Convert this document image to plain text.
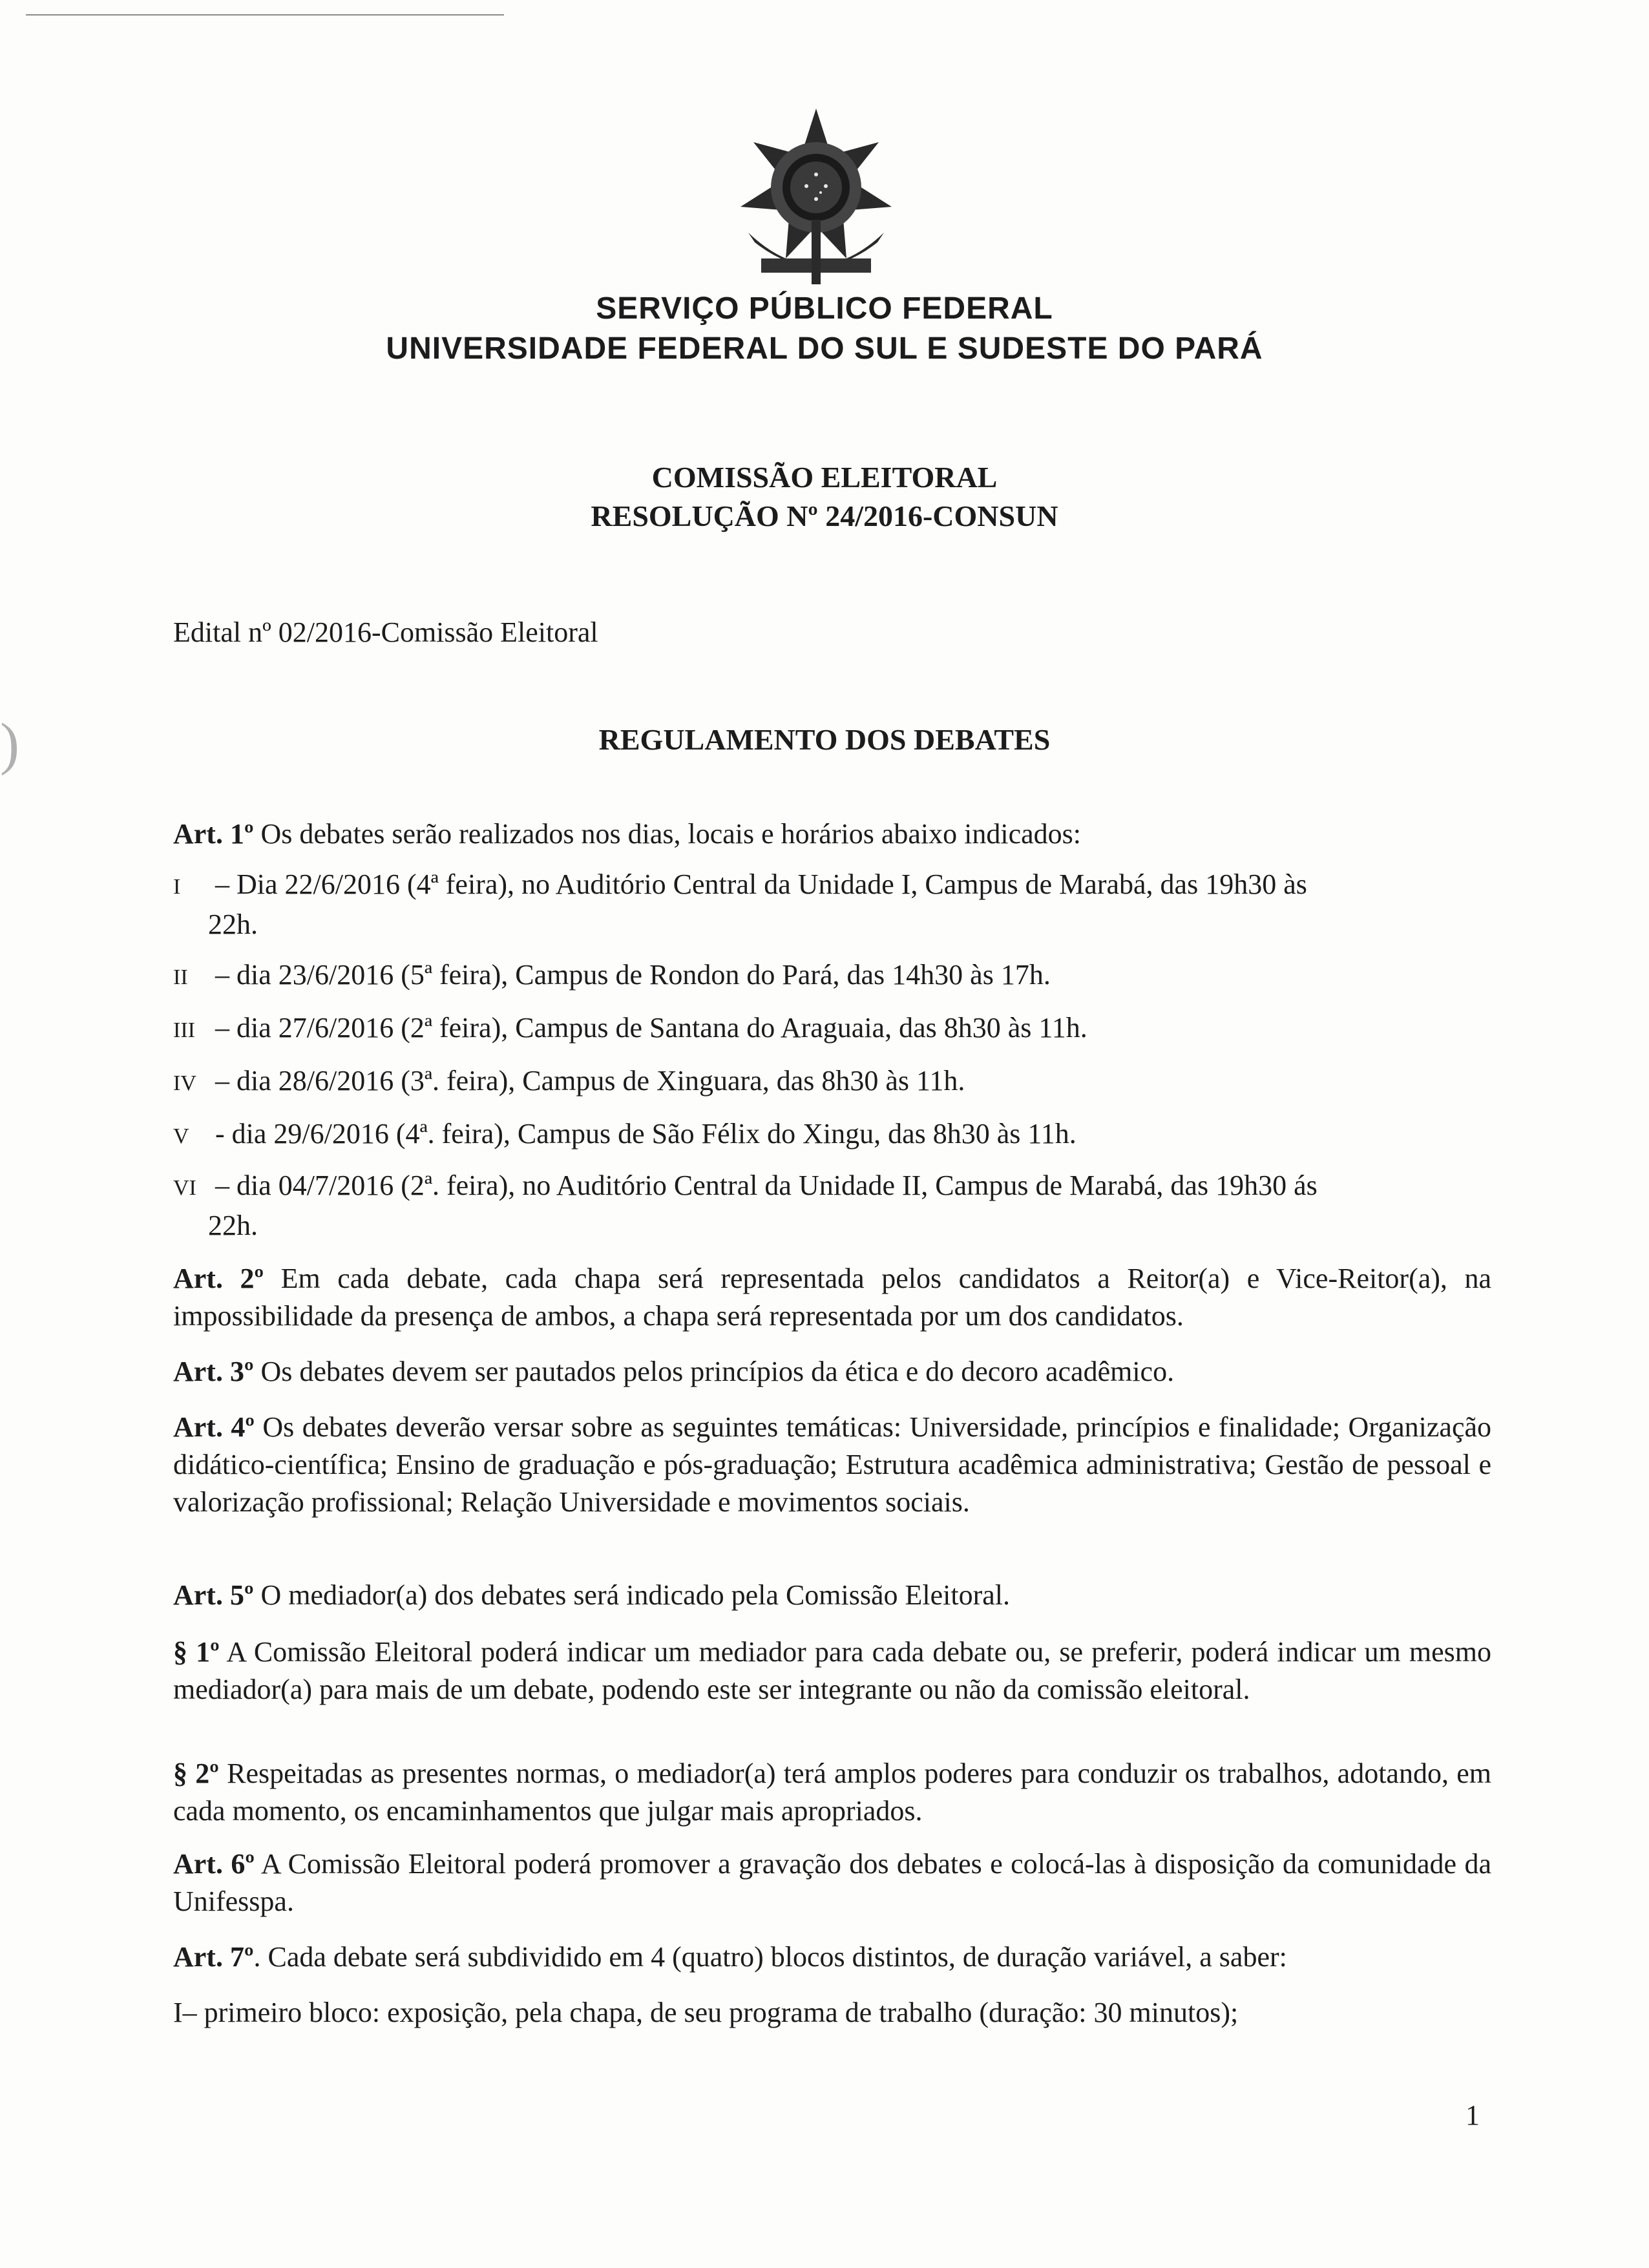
)
SERVIÇO PÚBLICO FEDERAL
UNIVERSIDADE FEDERAL DO SUL E SUDESTE DO PARÁ
COMISSÃO ELEITORAL
RESOLUÇÃO Nº 24/2016-CONSUN
Edital nº 02/2016-Comissão Eleitoral
REGULAMENTO DOS DEBATES
Art. 1º Os debates serão realizados nos dias, locais e horários abaixo indicados:
I – Dia 22/6/2016 (4ª feira), no Auditório Central da Unidade I, Campus de Marabá, das 19h30 às
22h.
II – dia 23/6/2016 (5ª feira), Campus de Rondon do Pará, das 14h30 às 17h.
III – dia 27/6/2016 (2ª feira), Campus de Santana do Araguaia, das 8h30 às 11h.
IV – dia 28/6/2016 (3ª. feira), Campus de Xinguara, das 8h30 às 11h.
V - dia 29/6/2016 (4ª. feira), Campus de São Félix do Xingu, das 8h30 às 11h.
VI – dia 04/7/2016 (2ª. feira), no Auditório Central da Unidade II, Campus de Marabá, das 19h30 ás
22h.
Art. 2º Em cada debate, cada chapa será representada pelos candidatos a Reitor(a) e Vice-Reitor(a), na impossibilidade da presença de ambos, a chapa será representada por um dos candidatos.
Art. 3º Os debates devem ser pautados pelos princípios da ética e do decoro acadêmico.
Art. 4º Os debates deverão versar sobre as seguintes temáticas: Universidade, princípios e finalidade; Organização didático-científica; Ensino de graduação e pós-graduação; Estrutura acadêmica administrativa; Gestão de pessoal e valorização profissional; Relação Universidade e movimentos sociais.
Art. 5º O mediador(a) dos debates será indicado pela Comissão Eleitoral.
§ 1º A Comissão Eleitoral poderá indicar um mediador para cada debate ou, se preferir, poderá indicar um mesmo mediador(a) para mais de um debate, podendo este ser integrante ou não da comissão eleitoral.
§ 2º Respeitadas as presentes normas, o mediador(a) terá amplos poderes para conduzir os trabalhos, adotando, em cada momento, os encaminhamentos que julgar mais apropriados.
Art. 6º A Comissão Eleitoral poderá promover a gravação dos debates e colocá-las à disposição da comunidade da Unifesspa.
Art. 7º. Cada debate será subdividido em 4 (quatro) blocos distintos, de duração variável, a saber:
I– primeiro bloco: exposição, pela chapa, de seu programa de trabalho (duração: 30 minutos);
1
